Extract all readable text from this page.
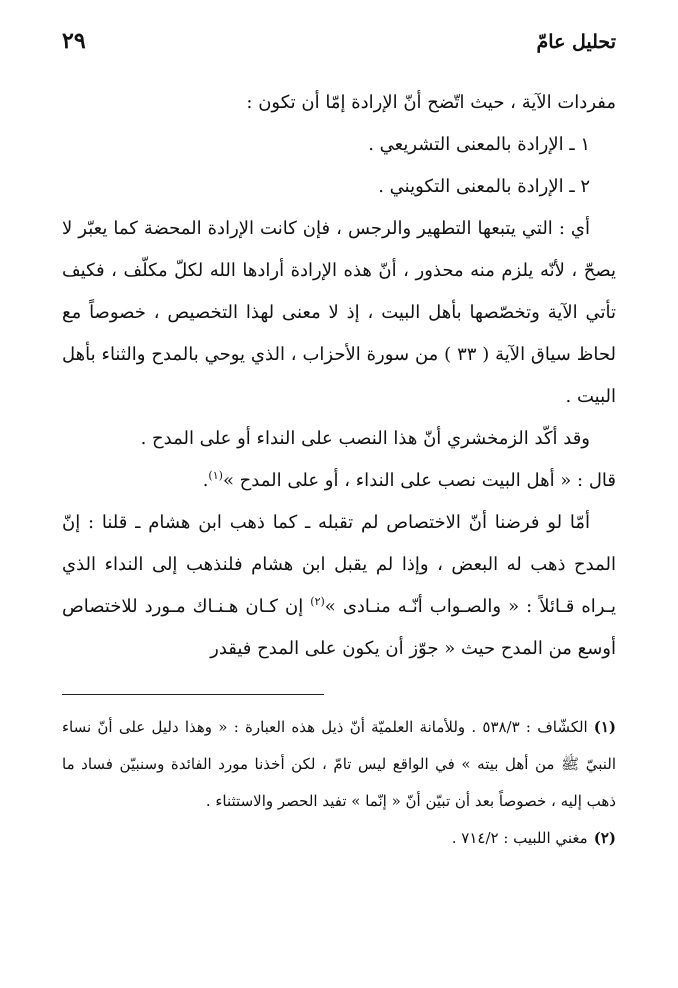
تحليل عامّ
٢٩

مفردات الآية ، حيث اتّضح أنّ الإرادة إمّا أن تكون :

١ ـ الإرادة بالمعنى التشريعي .

٢ ـ الإرادة بالمعنى التكويني .

أي : التي يتبعها التطهير والرجس ، فإن كانت الإرادة المحضة كما يعبّر لا يصحّ ، لأنّه يلزم منه محذور ، أنّ هذه الإرادة أرادها الله لكلّ مكلّف ، فكيف تأتي الآية وتخصّصها بأهل البيت ، إذ لا معنى لهذا التخصيص ، خصوصاً مع لحاظ سياق الآية ( ٣٣ ) من سورة الأحزاب ، الذي يوحي بالمدح والثناء بأهل البيت .

وقد أكّد الزمخشري أنّ هذا النصب على النداء أو على المدح .

قال : « أهل البيت نصب على النداء ، أو على المدح »$^{(١)}$.

أمّا لو فرضنا أنّ الاختصاص لم تقبله ـ كما ذهب ابن هشام ـ قلنا : إنّ المدح ذهب له البعض ، وإذا لم يقبل ابن هشام فلنذهب إلى النداء الذي يـراه قـائلاً : « والصـواب أنّـه منـادى »$^{(٢)}$ إن كـان هـنـاك مـورد للاختصاص أوسع من المدح حيث « جوّز أن يكون على المدح فيقدر

(١)الكشّاف : ٥٣٨/٣ . وللأمانة العلميّة أنّ ذيل هذه العبارة : « وهذا دليل على أنّ نساء النبيّ ﷺ من أهل بيته » في الواقع ليس تامّ ، لكن أخذنا مورد الفائدة وسنبيّن فساد ما ذهب إليه ، خصوصاً بعد أن تبيّن أنّ « إنّما » تفيد الحصر والاستثناء .

(٢)مغني اللبيب : ٧١٤/٢ .
